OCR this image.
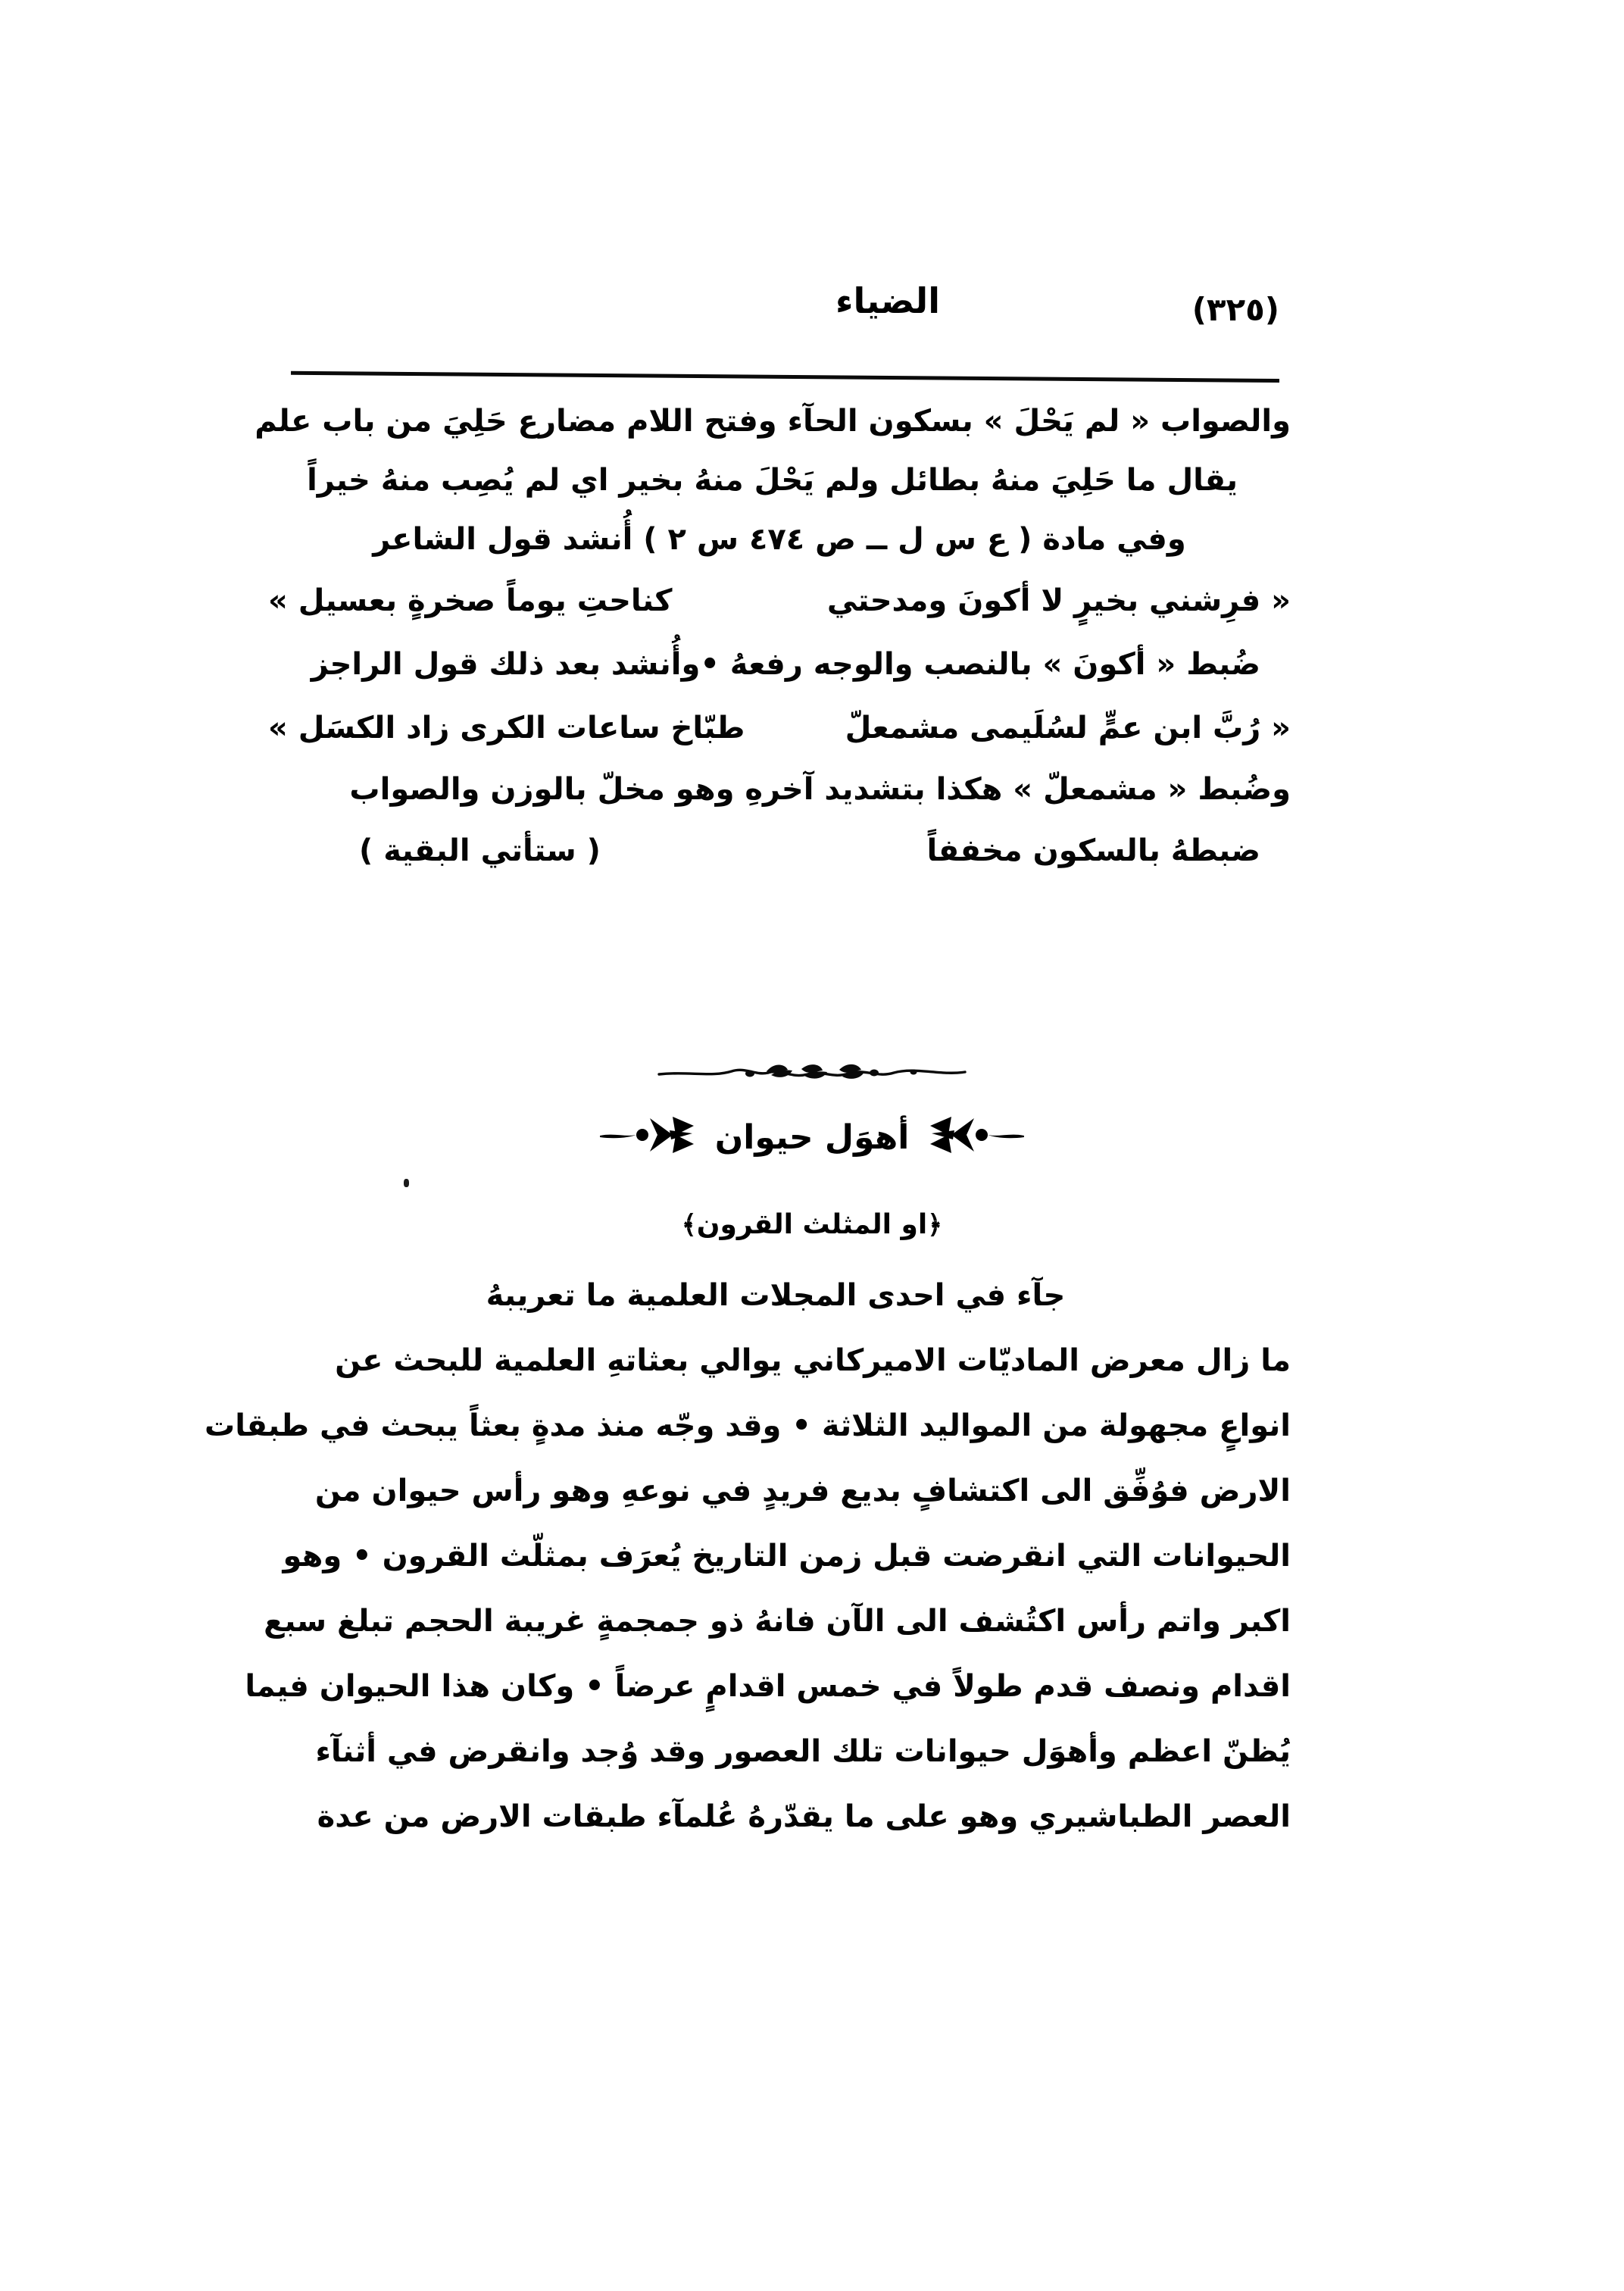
الضياء	(٣٢٥)

والصواب « لم يَحْلَ » بسكون الحآء وفتح اللام مضارع حَلِيَ من باب علم

يقال ما حَلِيَ منهُ بطائل ولم يَحْلَ منهُ بخير اي لم يُصِب منهُ خيراً

وفي مادة ( ع س ل ــ ص ٤٧٤ س ٢ ) أُنشد قول الشاعر

« فرِشني بخيرٍ لا أكونَ ومدحتي
كناحتِ يوماً صخرةٍ بعسيل »
ضُبط « أكونَ » بالنصب والوجه رفعهُ •
وأُنشد بعد ذلك قول الراجز
« رُبَّ ابن عمٍّ لسُلَيمى مشمعلّ
طبّاخ ساعات الكرى زاد الكسَل »

وضُبط « مشمعلّ » هكذا بتشديد آخرهِ وهو مخلّ بالوزن والصواب

ضبطهُ بالسكون مخففاً
( ستأتي البقية )
أهوَل حيوان
﴿او المثلث القرون﴾

جآء في احدى المجلات العلمية ما تعريبهُ

ما زال معرض الماديّات الاميركاني يوالي بعثاتهِ العلمية للبحث عن

انواعٍ مجهولة من المواليد الثلاثة • وقد وجّه منذ مدةٍ بعثاً يبحث في طبقات

الارض فوُفِّق الى اكتشافٍ بديع فريدٍ في نوعهِ وهو رأس حيوان من

الحيوانات التي انقرضت قبل زمن التاريخ يُعرَف بمثلّث القرون • وهو

اكبر واتم رأس اكتُشف الى الآن فانهُ ذو جمجمةٍ غريبة الحجم تبلغ سبع

اقدام ونصف قدم طولاً في خمس اقدامٍ عرضاً • وكان هذا الحيوان فيما

يُظنّ اعظم وأهوَل حيوانات تلك العصور وقد وُجد وانقرض في أثنآء

العصر الطباشيري وهو على ما يقدّرهُ عُلمآء طبقات الارض من عدة
